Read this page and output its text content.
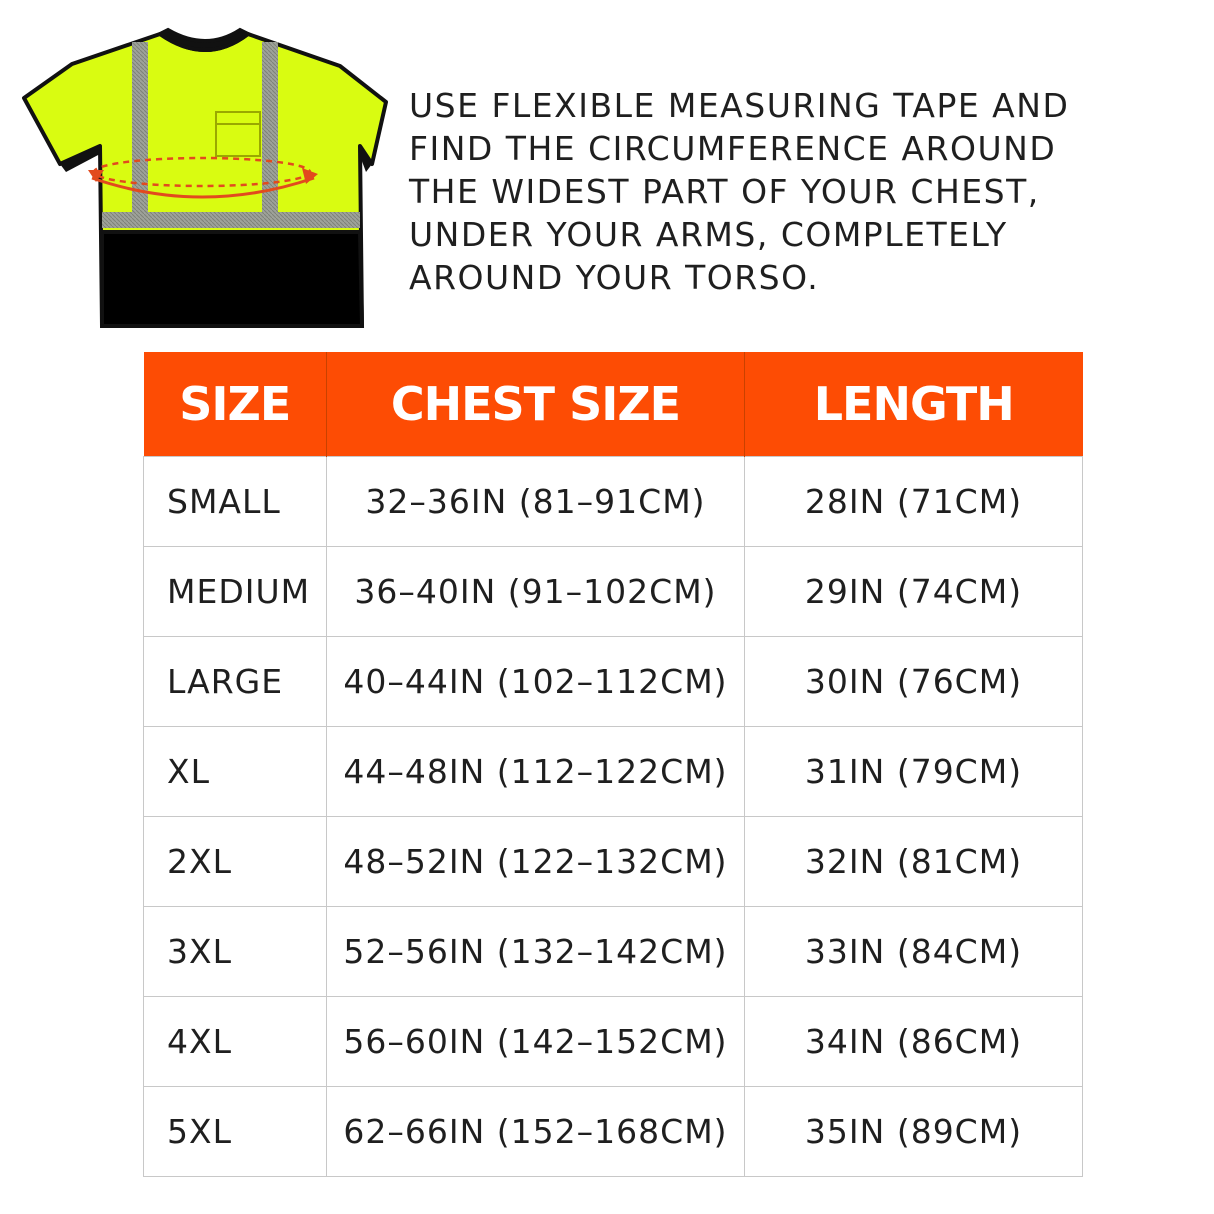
USE FLEXIBLE MEASURING TAPE AND
FIND THE CIRCUMFERENCE AROUND
THE WIDEST PART OF YOUR CHEST,
UNDER YOUR ARMS, COMPLETELY
AROUND YOUR TORSO.

SIZE	CHEST SIZE	LENGTH
SMALL	32–36IN (81–91CM)	28IN (71CM)
MEDIUM	36–40IN (91–102CM)	29IN (74CM)
LARGE	40–44IN (102–112CM)	30IN (76CM)
XL	44–48IN (112–122CM)	31IN (79CM)
2XL	48–52IN (122–132CM)	32IN (81CM)
3XL	52–56IN (132–142CM)	33IN (84CM)
4XL	56–60IN (142–152CM)	34IN (86CM)
5XL	62–66IN (152–168CM)	35IN (89CM)
